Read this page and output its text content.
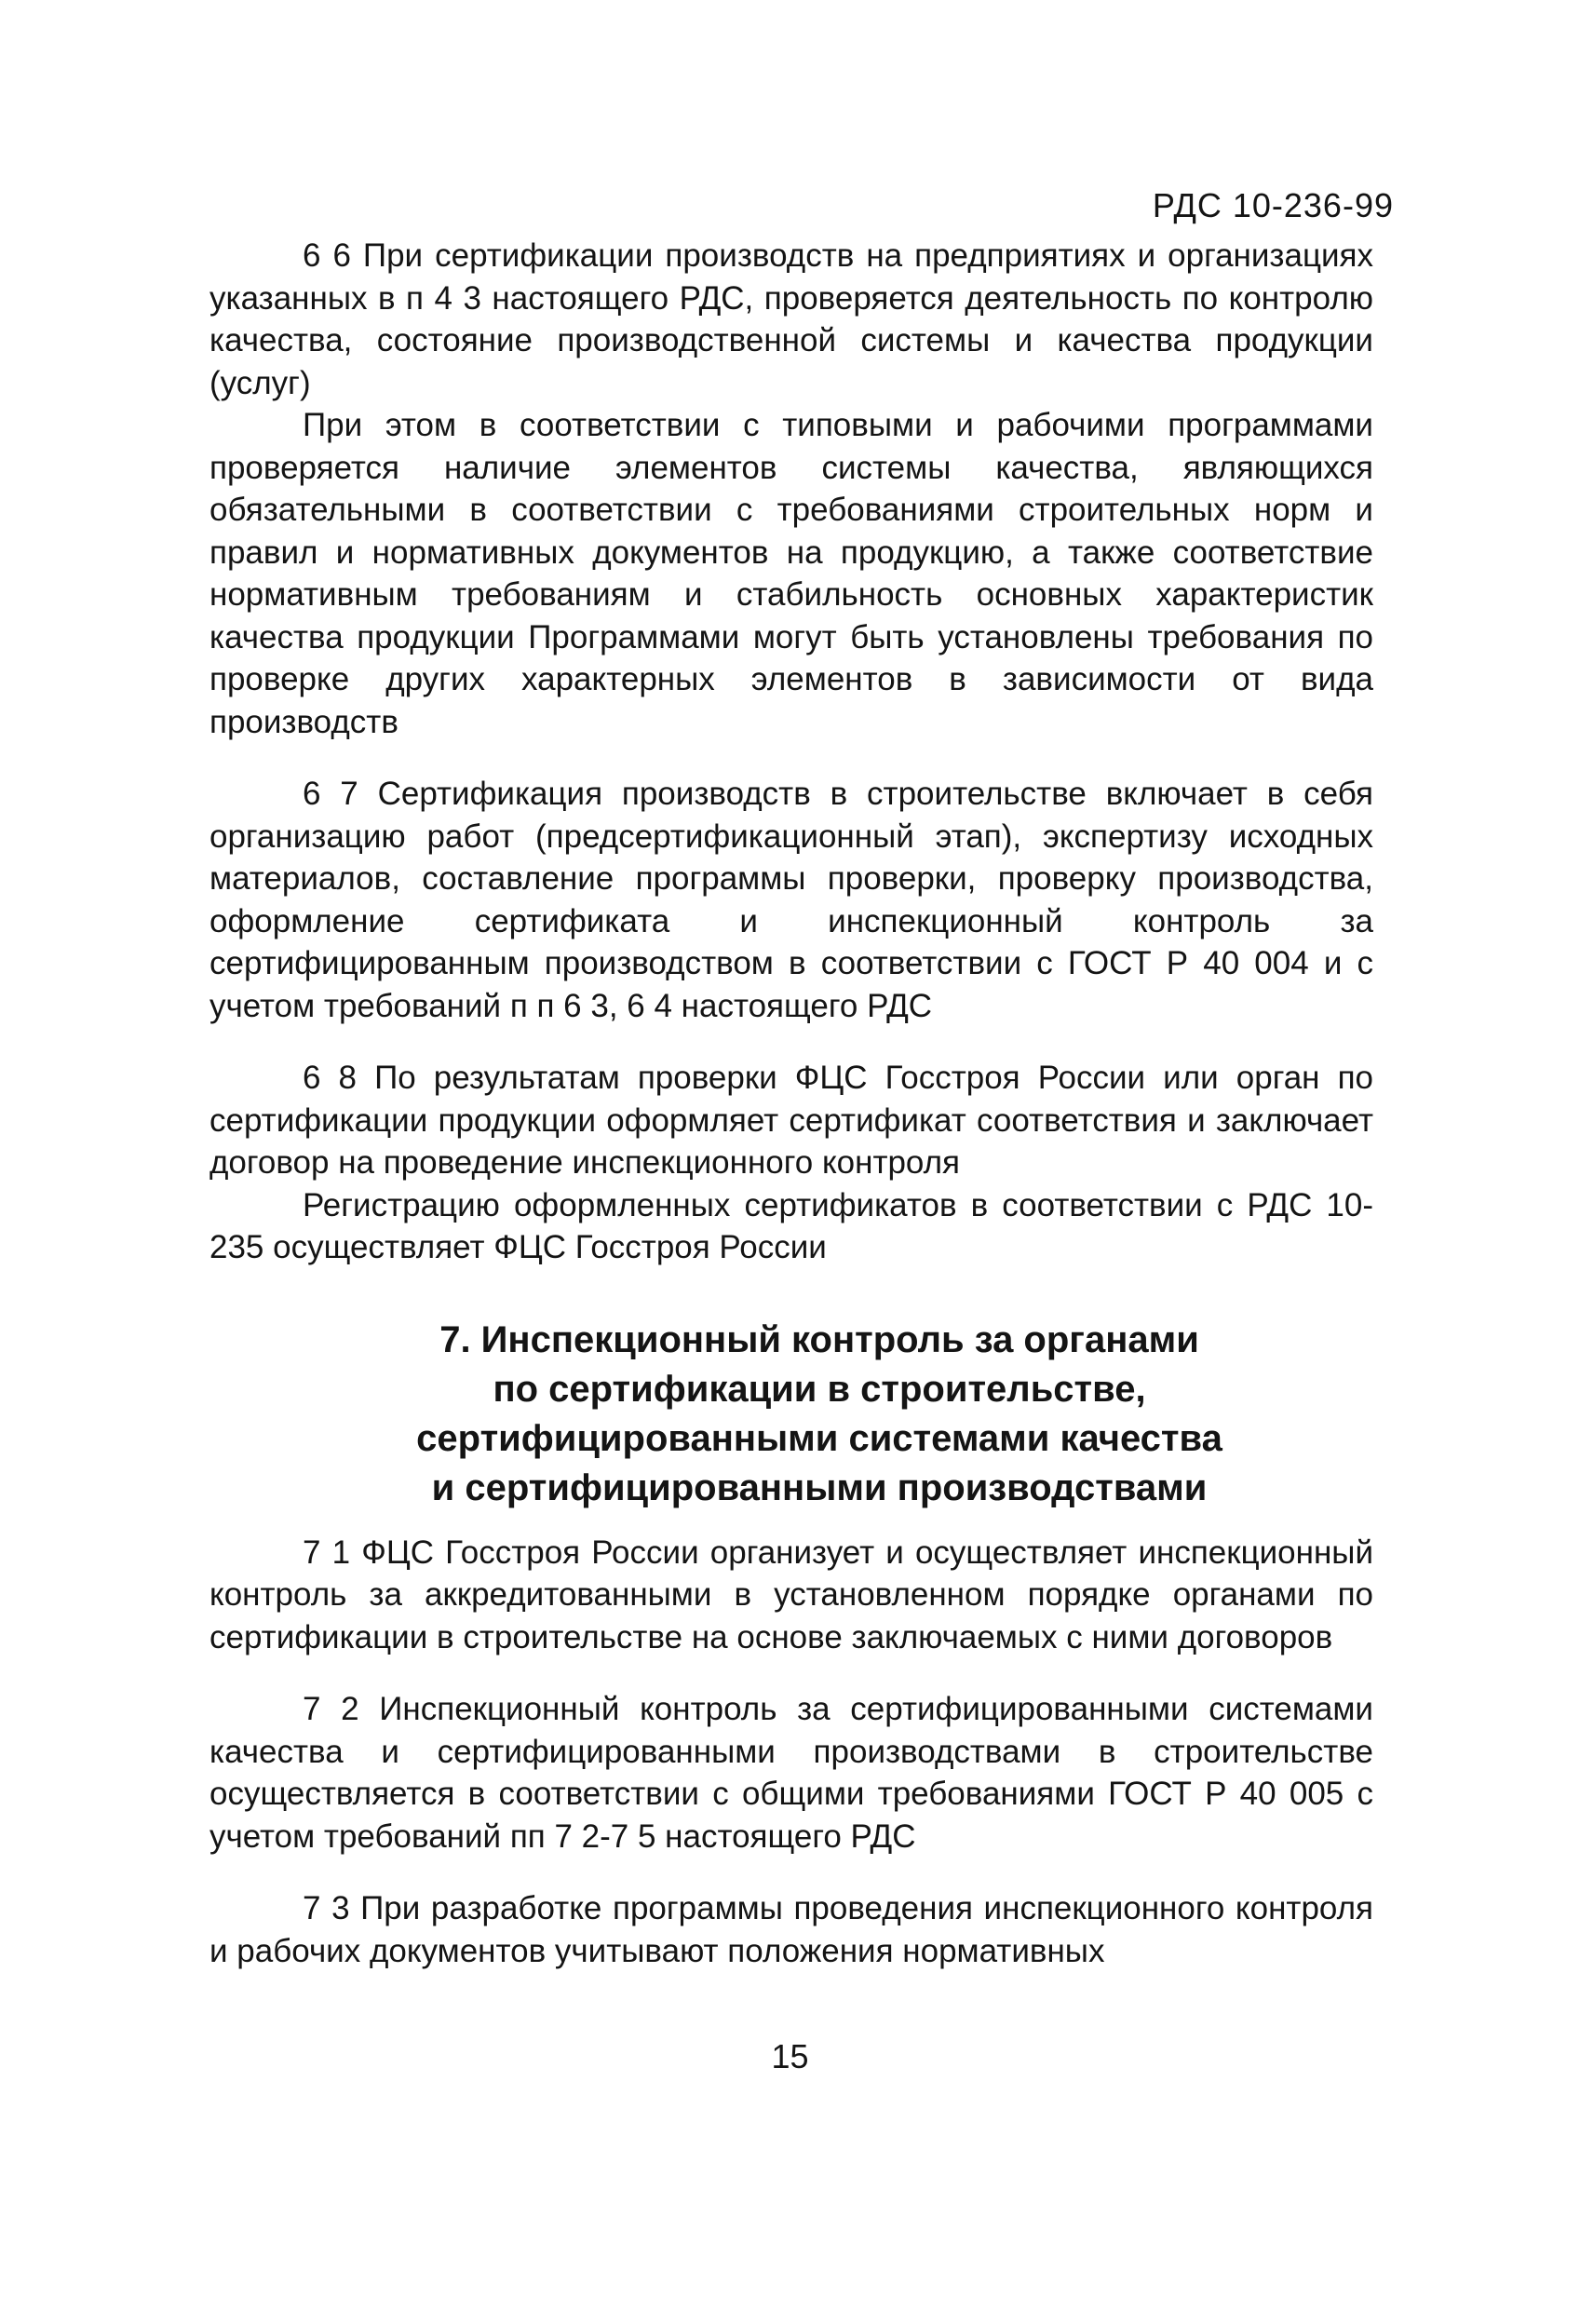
РДС 10-236-99

6 6 При сертификации производств на предприятиях и организациях указанных в п 4 3 настоящего РДС, проверяется деятельность по контролю качества, состояние производственной системы и качества продукции (услуг)

При этом в соответствии с типовыми и рабочими программами проверяется наличие элементов системы качества, являющихся обязательными в соответствии с требованиями строительных норм и правил и нормативных документов на продукцию, а также соответствие нормативным требованиям и стабильность основных характеристик качества продукции Программами могут быть установлены требования по проверке других характерных элементов в зависимости от вида производств

6 7 Сертификация производств в строительстве включает в себя организацию работ (предсертификационный этап), экспертизу исходных материалов, составление программы проверки, проверку производства, оформление сертификата и инспекционный контроль за сертифицированным производством в соответствии с ГОСТ Р 40 004 и с учетом требований п п 6 3, 6 4 настоящего РДС

6 8 По результатам проверки ФЦС Госстроя России или орган по сертификации продукции оформляет сертификат соответствия и заключает договор на проведение инспекционного контроля

Регистрацию оформленных сертификатов в соответствии с РДС 10-235 осуществляет ФЦС Госстроя России

7. Инспекционный контроль за органами
по сертификации в строительстве,
сертифицированными системами качества
и сертифицированными производствами

7 1 ФЦС Госстроя России организует и осуществляет инспекционный контроль за аккредитованными в установленном порядке органами по сертификации в строительстве на основе заключаемых с ними договоров

7 2 Инспекционный контроль за сертифицированными системами качества и сертифицированными производствами в строительстве осуществляется в соответствии с общими требованиями ГОСТ Р 40 005 с учетом требований пп 7 2-7 5 настоящего РДС

7 3 При разработке программы проведения инспекционного контроля и рабочих документов учитывают положения нормативных

15
